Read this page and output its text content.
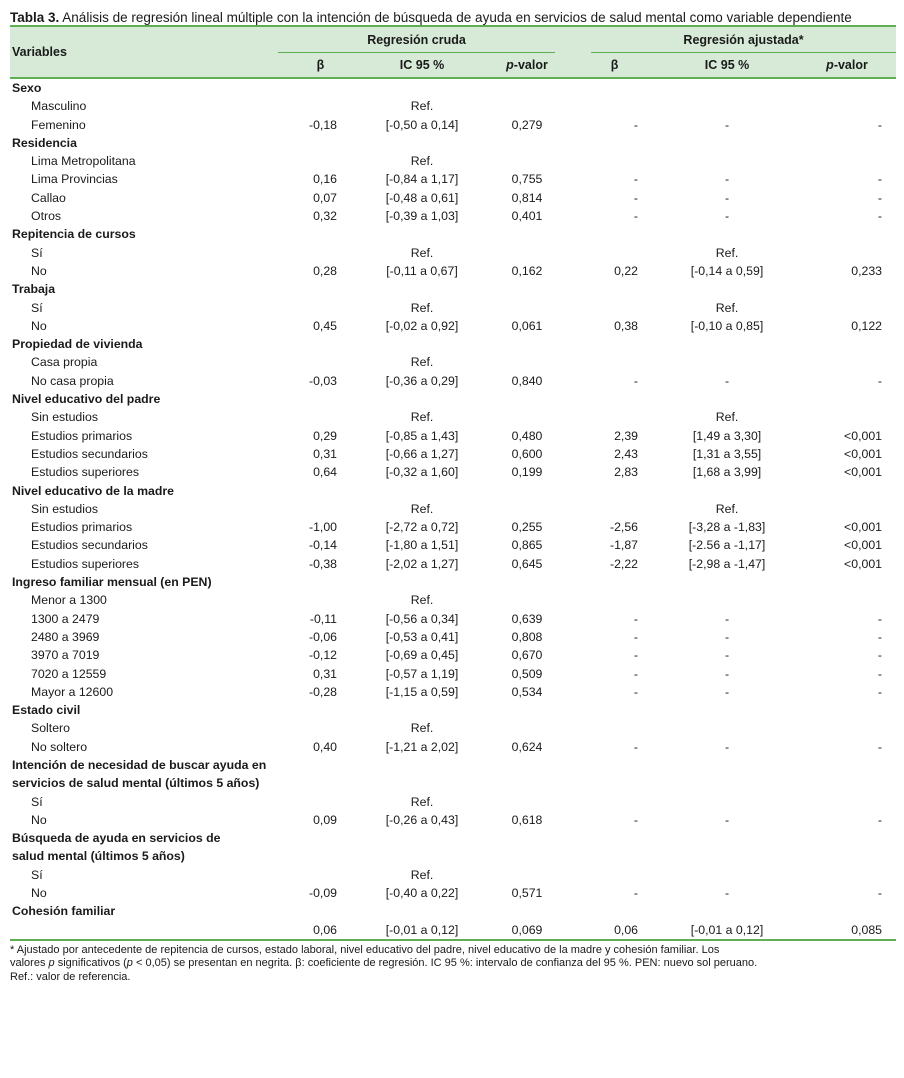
Tabla 3. Análisis de regresión lineal múltiple con la intención de búsqueda de ayuda en servicios de salud mental como variable dependiente
Variables	Regresión cruda			Regresión ajustada*		

	β	IC 95 %	p-valor	β	IC 95 %	p-valor
Sexo						
Masculino		Ref.				
Femenino	-0,18	[-0,50 a 0,14]	0,279	-	-	-
Residencia						
Lima Metropolitana		Ref.				
Lima Provincias	0,16	[-0,84 a 1,17]	0,755	-	-	-
Callao	0,07	[-0,48 a 0,61]	0,814	-	-	-
Otros	0,32	[-0,39 a 1,03]	0,401	-	-	-
Repitencia de cursos						
Sí		Ref.			Ref.	
No	0,28	[-0,11 a 0,67]	0,162	0,22	[-0,14 a 0,59]	0,233
Trabaja						
Sí		Ref.			Ref.	
No	0,45	[-0,02 a 0,92]	0,061	0,38	[-0,10 a 0,85]	0,122
Propiedad de vivienda						
Casa propia		Ref.				
No casa propia	-0,03	[-0,36 a 0,29]	0,840	-	-	-
Nivel educativo del padre						
Sin estudios		Ref.			Ref.	
Estudios primarios	0,29	[-0,85 a 1,43]	0,480	2,39	[1,49 a 3,30]	<0,001
Estudios secundarios	0,31	[-0,66 a 1,27]	0,600	2,43	[1,31 a 3,55]	<0,001
Estudios superiores	0,64	[-0,32 a 1,60]	0,199	2,83	[1,68 a 3,99]	<0,001
Nivel educativo de la madre						
Sin estudios		Ref.			Ref.	
Estudios primarios	-1,00	[-2,72 a 0,72]	0,255	-2,56	[-3,28 a -1,83]	<0,001
Estudios secundarios	-0,14	[-1,80 a 1,51]	0,865	-1,87	[-2.56 a -1,17]	<0,001
Estudios superiores	-0,38	[-2,02 a 1,27]	0,645	-2,22	[-2,98 a -1,47]	<0,001
Ingreso familiar mensual (en PEN)						
Menor a 1300		Ref.				
1300 a 2479	-0,11	[-0,56 a 0,34]	0,639	-	-	-
2480 a 3969	-0,06	[-0,53 a 0,41]	0,808	-	-	-
3970 a 7019	-0,12	[-0,69 a 0,45]	0,670	-	-	-
7020 a 12559	0,31	[-0,57 a 1,19]	0,509	-	-	-
Mayor a 12600	-0,28	[-1,15 a 0,59]	0,534	-	-	-
Estado civil						
Soltero		Ref.				
No soltero	0,40	[-1,21 a 2,02]	0,624	-	-	-
Intención de necesidad de buscar ayuda en						
servicios de salud mental (últimos 5 años)						
Sí		Ref.				
No	0,09	[-0,26 a 0,43]	0,618	-	-	-
Búsqueda de ayuda en servicios de						
salud mental (últimos 5 años)						
Sí		Ref.				
No	-0,09	[-0,40 a 0,22]	0,571	-	-	-
Cohesión familiar						
	0,06	[-0,01 a 0,12]	0,069	0,06	[-0,01 a 0,12]	0,085
* Ajustado por antecedente de repitencia de cursos, estado laboral, nivel educativo del padre, nivel educativo de la madre y cohesión familiar. Los
valores p significativos (p < 0,05) se presentan en negrita. β: coeficiente de regresión. IC 95 %: intervalo de confianza del 95 %. PEN: nuevo sol peruano.
Ref.: valor de referencia.
